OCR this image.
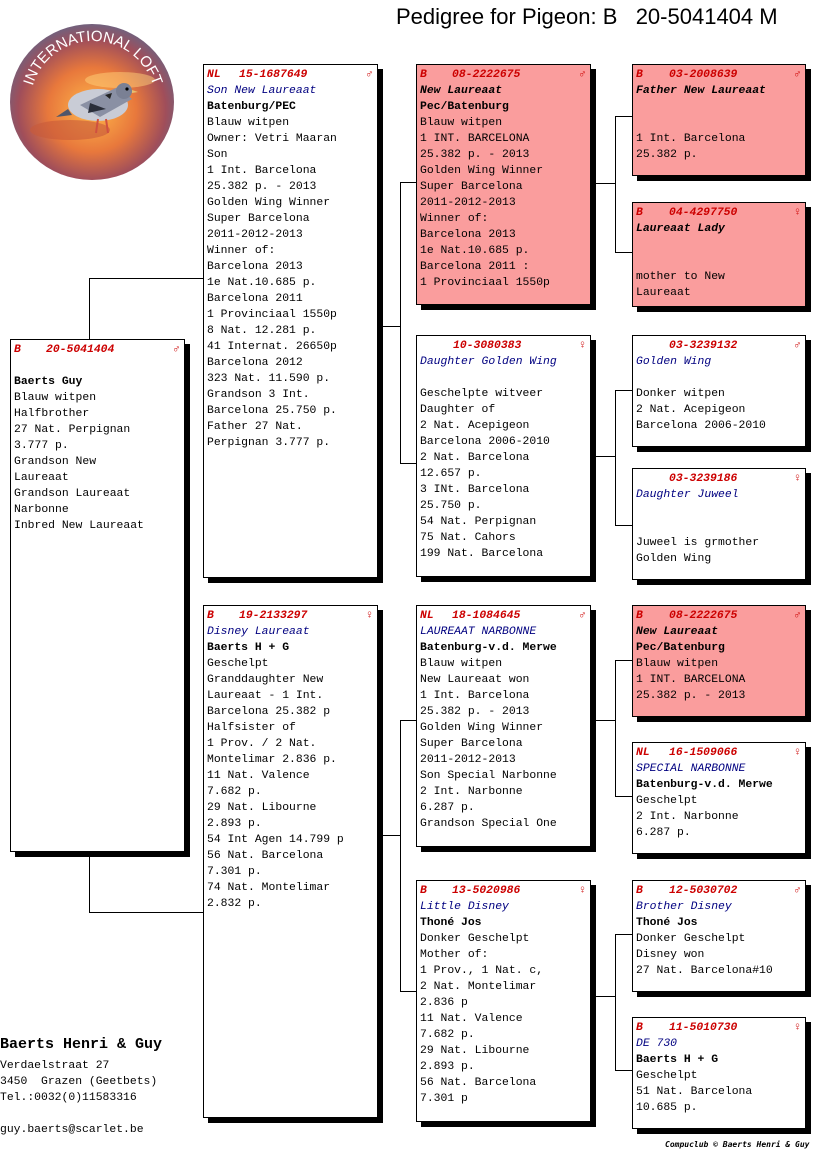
Pedigree for Pigeon: B   20-5041404 M
INTERNATIONAL LOFT
B 20-5041404	♂
Baerts Guy
Blauw witpen
Halfbrother
27 Nat. Perpignan
3.777 p.
Grandson New
Laureaat
Grandson Laureaat
Narbonne
Inbred New Laureaat
NL 15-1687649	♂
Son New Laureaat
Batenburg/PEC
Blauw witpen
Owner: Vetri Maaran
Son
1 Int. Barcelona
25.382 p. - 2013
Golden Wing Winner
Super Barcelona
2011-2012-2013
Winner of:
Barcelona 2013
1e Nat.10.685 p.
Barcelona 2011
1 Provinciaal 1550p
8 Nat. 12.281 p.
41 Internat. 26650p
Barcelona 2012
323 Nat. 11.590 p.
Grandson 3 Int.
Barcelona 25.750 p.
Father 27 Nat.
Perpignan 3.777 p.
B 19-2133297	♀
Disney Laureaat
Baerts H + G
Geschelpt
Granddaughter New
Laureaat - 1 Int.
Barcelona 25.382 p
Halfsister of
1 Prov. / 2 Nat.
Montelimar 2.836 p.
11 Nat. Valence
7.682 p.
29 Nat. Libourne
2.893 p.
54 Int Agen 14.799 p
56 Nat. Barcelona
7.301 p.
74 Nat. Montelimar
2.832 p.
B 08-2222675	♂
New Laureaat
Pec/Batenburg
Blauw witpen
1 INT. BARCELONA
25.382 p. - 2013
Golden Wing Winner
Super Barcelona
2011-2012-2013
Winner of:
Barcelona 2013
1e Nat.10.685 p.
Barcelona 2011 :
1 Provinciaal 1550p
10-3080383	♀
Daughter Golden Wing
Geschelpte witveer
Daughter of
2 Nat. Acepigeon
Barcelona 2006-2010
2 Nat. Barcelona
12.657 p.
3 INt. Barcelona
25.750 p.
54 Nat. Perpignan
75 Nat. Cahors
199 Nat. Barcelona
NL 18-1084645	♂
LAUREAAT NARBONNE
Batenburg-v.d. Merwe
Blauw witpen
New Laureaat won
1 Int. Barcelona
25.382 p. - 2013
Golden Wing Winner
Super Barcelona
2011-2012-2013
Son Special Narbonne
2 Int. Narbonne
6.287 p.
Grandson Special One
B 13-5020986	♀
Little Disney
Thoné Jos
Donker Geschelpt
Mother of:
1 Prov., 1 Nat. c,
2 Nat. Montelimar
2.836 p
11 Nat. Valence
7.682 p.
29 Nat. Libourne
2.893 p.
56 Nat. Barcelona
7.301 p
B 03-2008639	♂
Father New Laureaat
1 Int. Barcelona
25.382 p.
B 04-4297750	♀
Laureaat Lady
mother to New
Laureaat
03-3239132	♂
Golden Wing
Donker witpen
2 Nat. Acepigeon
Barcelona 2006-2010
03-3239186	♀
Daughter Juweel
Juweel is grmother
Golden Wing
B 08-2222675	♂
New Laureaat
Pec/Batenburg
Blauw witpen
1 INT. BARCELONA
25.382 p. - 2013
NL 16-1509066	♀
SPECIAL NARBONNE
Batenburg-v.d. Merwe
Geschelpt
2 Int. Narbonne
6.287 p.
B 12-5030702	♂
Brother Disney
Thoné Jos
Donker Geschelpt
Disney won
27 Nat. Barcelona#10
B 11-5010730	♀
DE 730
Baerts H + G
Geschelpt
51 Nat. Barcelona
10.685 p.
Baerts Henri & Guy
Verdaelstraat 27
3450  Grazen (Geetbets)
Tel.:0032(0)11583316
guy.baerts@scarlet.be
Compuclub © Baerts Henri & Guy
